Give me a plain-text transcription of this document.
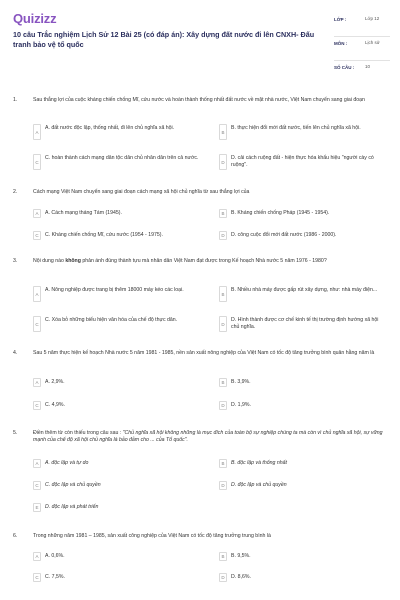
Quizizz
10 câu Trắc nghiệm Lịch Sử 12 Bài 25 (có đáp án): Xây dựng đất nước đi lên CNXH- Đấu tranh bảo vệ tổ quốc
LỚP :	Lớp 12
MÔN :	Lịch sử
SỐ CÂU :	10
1.	Sau thắng lợi của cuộc kháng chiến chống Mĩ, cứu nước và hoàn thành thống nhất đất nước về mặt nhà nước, Việt Nam chuyển sang giai đoạn
A
A. đất nước độc lập, thống nhất, đi lên chủ nghĩa xã hội.
B
B. thực hiện đổi mới đất nước, tiến lên chủ nghĩa xã hội.
C
C. hoàn thành cách mạng dân tộc dân chủ nhân dân trên cả nước.
D
D. cải cách ruộng đất - hiện thực hóa khẩu hiệu "người cày có ruộng".
2.	Cách mạng Việt Nam chuyển sang giai đoạn cách mạng xã hội chủ nghĩa từ sau thắng lợi của
A	A. Cách mạng tháng Tám (1945).	B	B. Kháng chiến chống Pháp (1945 - 1954).
C	C. Kháng chiến chống Mĩ, cứu nước (1954 - 1975).	D	D. công cuộc đổi mới đất nước (1986 - 2000).
3.	Nội dung nào không phản ánh đúng thành tựu mà nhân dân Việt Nam đạt được trong Kế hoạch Nhà nước 5 năm 1976 - 1980?
A
A. Nông nghiệp được trang bị thêm 18000 máy kéo các loại.
B
B. Nhiều nhà máy được gấp rút xây dựng, như: nhà máy điện...
C
C. Xóa bỏ những biểu hiện văn hóa của chế độ thực dân.
D
D. Hình thành được cơ chế kinh tế thị trường định hướng xã hội chủ nghĩa.
4.	Sau 5 năm thực hiện kế hoạch Nhà nước 5 năm 1981 - 1985, nền sản xuất nông nghiệp của Việt Nam có tốc độ tăng trưởng bình quân hằng năm là
A	A. 2,9%.	B	B. 3,9%.
C	C. 4,9%.	D	D. 1,9%.
5.	Điền thêm từ còn thiếu trong câu sau : "Chủ nghĩa xã hội không những là mục đích của toàn bộ sự nghiệp chúng ta mà còn vì chủ nghĩa xã hội, sự vững mạnh của chế độ xã hội chủ nghĩa là bảo đảm cho ... của Tổ quốc".
A	A. độc lập và tự do	B	B. độc lập và thống nhất
C	C. độc lập và chủ quyền	D	D. độc lập và chủ quyền
E	D. độc lập và phát triển
6.	Trong những năm 1981 – 1985, sản xuất công nghiệp của Việt Nam có tốc độ tăng trưởng trung bình là
A	A. 0,6%.	B	B. 9,5%.
C	C. 7,5%.	D	D. 8,6%.
